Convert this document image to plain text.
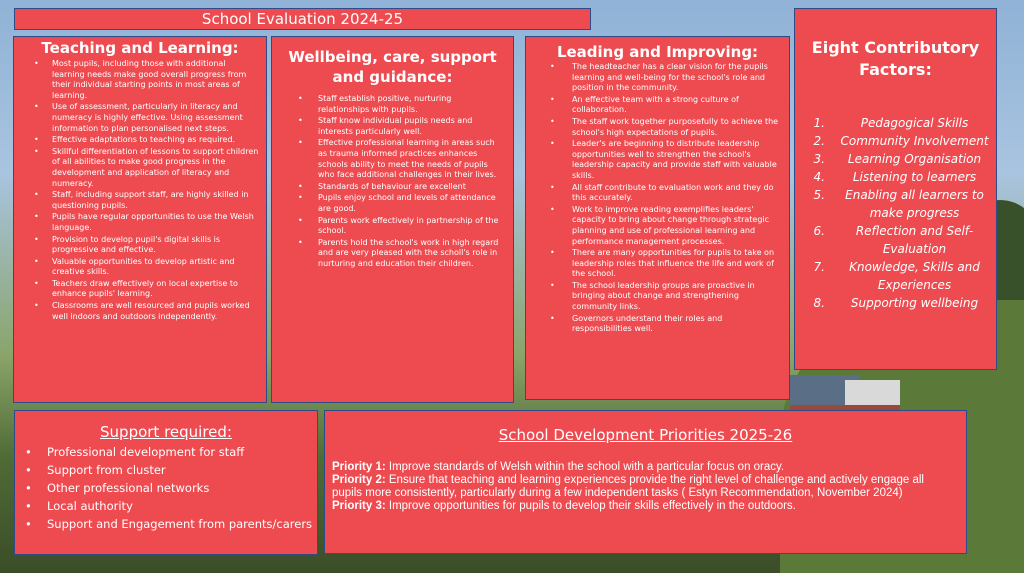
School Evaluation 2024-25
Teaching and Learning:
• Most pupils, including those with additional learning needs make good overall progress from their individual starting points in most areas of learning.
• Use of assessment, particularly in literacy and numeracy is highly effective. Using assessment information to plan personalised next steps.
• Effective adaptations to teaching as required.
• Skillful differentiation of lessons to support children of all abilities to make good progress in the development and application of literacy and numeracy.
• Staff, including support staff, are highly skilled in questioning pupils.
• Pupils have regular opportunities to use the Welsh language.
• Provision to develop pupil's digital skills is progressive and effective.
• Valuable opportunities to develop artistic and creative skills.
• Teachers draw effectively on local expertise to enhance pupils' learning.
• Classrooms are well resourced and pupils worked well indoors and outdoors independently.
Wellbeing, care, support and guidance:
• Staff establish positive, nurturing relationships with pupils.
• Staff know individual pupils needs and interests particularly well.
• Effective professional learning in areas such as trauma informed practices enhances schools ability to meet the needs of pupils who face additional challenges in their lives.
• Standards of behaviour are excellent
• Pupils enjoy school and levels of attendance are good.
• Parents work effectively in partnership of the school.
• Parents hold the school's work in high regard and are very pleased with the scholl's role in nurturing and education their children.
Leading and Improving:
• The headteacher has a clear vision for the pupils learning and well-being for the school's role and position in the community.
• An effective team with a strong culture of collaboration.
• The staff work together purposefully to achieve the school's high expectations of pupils.
• Leader's are beginning to distribute leadership opportunities well to strengthen the school's leadership capacity and provide staff with valuable skills.
• All staff contribute to evaluation work and they do this accurately.
• Work to improve reading exemplifies leaders' capacity to bring about change through strategic planning and use of professional learning and performance management processes.
• There are many opportunities for pupils to take on leadership roles that influence the life and work of the school.
• The school leadership groups are proactive in bringing about change and strengthening community links.
• Governors understand their roles and responsibilities well.
Eight Contributory Factors:
1.	Pedagogical Skills
2.	Community Involvement
3.	Learning Organisation
4.	Listening to learners
5.	Enabling all learners to make progress
6.	Reflection and Self-Evaluation
7.	Knowledge, Skills and Experiences
8.	Supporting wellbeing
Support required:
• Professional development for staff
• Support from cluster
• Other professional networks
• Local authority
• Support and Engagement from parents/carers
School Development Priorities 2025-26
Priority 1: Improve standards of Welsh within the school with a particular focus on oracy.
Priority 2: Ensure that teaching and learning experiences provide the right level of challenge and actively engage all pupils more consistently, particularly during a few independent tasks ( Estyn Recommendation, November 2024)
Priority 3: Improve opportunities for pupils to develop their skills effectively in the outdoors.
